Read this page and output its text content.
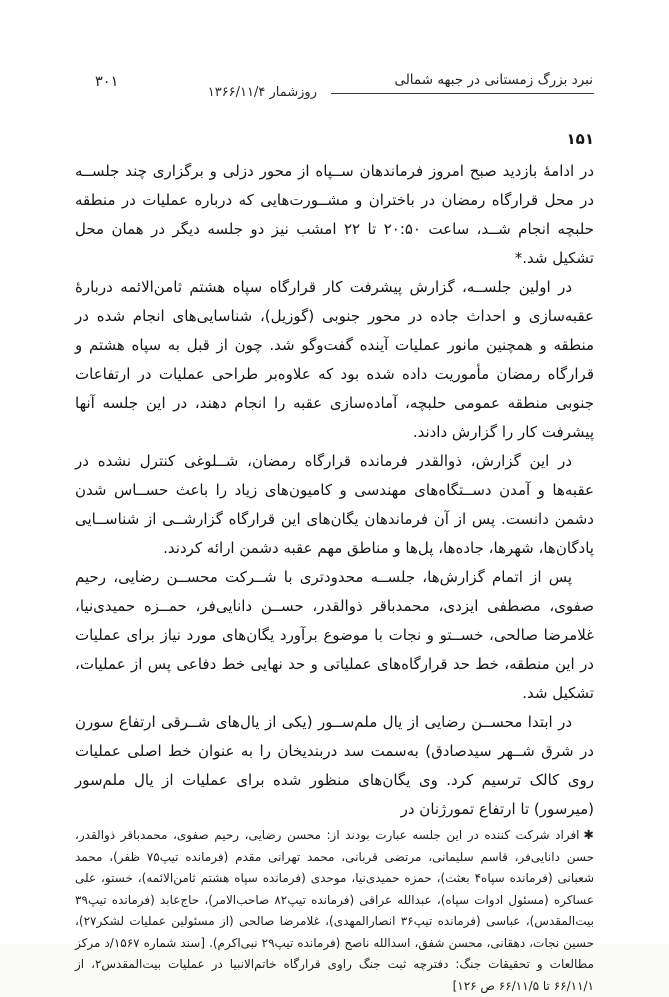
۳۰۱	نبرد بزرگ زمستانی در جبهه شمالی
روزشمار ۱۳۶۶/۱۱/۴
۱۵۱

در ادامهٔ بازدید صبح امروز فرماندهان ســپاه از محور دزلی و برگزاری چند جلســه در محل قرارگاه رمضان در باختران و مشــورت‌هایی که درباره عملیات در منطقه حلبچه انجام شــد، ساعت ۲۰:۵۰ تا ۲۲ امشب نیز دو جلسه دیگر در همان محل تشکیل شد.*

در اولین جلســه، گزارش پیشرفت کار قرارگاه سپاه هشتم ثامن‌الائمه دربارهٔ عقبه‌سازی و احداث جاده در محور جنوبی (گوزیل)، شناسایی‌های انجام شده در منطقه و همچنین مانور عملیات آینده گفت‌وگو شد. چون از قبل به سپاه هشتم و قرارگاه رمضان مأموریت داده شده بود که علاوه‌بر طراحی عملیات در ارتفاعات جنوبی منطقه عمومی حلبچه، آماده‌سازی عقبه را انجام دهند، در این جلسه آنها پیشرفت کار را گزارش دادند.

در این گزارش، ذوالقدر فرمانده قرارگاه رمضان، شــلوغی کنترل نشده در عقبه‌ها و آمدن دســتگاه‌های مهندسی و کامیون‌های زیاد را باعث حســاس شدن دشمن دانست. پس از آن فرماندهان یگان‌های این قرارگاه گزارشــی از شناســایی پادگان‌ها، شهرها، جاده‌ها، پل‌ها و مناطق مهم عقبه دشمن ارائه کردند.

پس از اتمام گزارش‌ها، جلســه محدودتری با شــرکت محســن رضایی، رحیم صفوی، مصطفی ایزدی، محمدباقر ذوالقدر، حســن دانایی‌فر، حمــزه حمیدی‌نیا، غلامرضا صالحی، خســتو و نجات با موضوع برآورد یگان‌های مورد نیاز برای عملیات در این منطقه، خط حد قرارگاه‌های عملیاتی و حد نهایی خط دفاعی پس از عملیات، تشکیل شد.

در ابتدا محســن رضایی از یال ملم‌ســور (یکی از یال‌های شــرقی ارتفاع سورن در شرق شــهر سیدصادق) به‌سمت سد دربندیخان را به عنوان خط اصلی عملیات روی کالک ترسیم کرد. وی یگان‌های منظور شده برای عملیات از یال ملم‌سور (میرسور) تا ارتفاع تمورژنان در

✱افراد شرکت کننده در این جلسه عبارت بودند از: محسن رضایی، رحیم صفوی، محمدباقر ذوالقدر، حسن دانایی‌فر، قاسم سلیمانی، مرتضی قربانی، محمد تهرانی مقدم (فرمانده تیپ۷۵ ظفر)، محمد شعبانی (فرمانده سپاه۴ بعثت)، حمزه حمیدی‌نیا، موحدی (فرمانده سپاه هشتم ثامن‌الائمه)، خستو، علی عساکره (مسئول ادوات سپاه)، عبدالله عراقی (فرمانده تیپ۸۲ صاحب‌الامر)، حاج‌عابد (فرمانده تیپ۳۹ بیت‌المقدس)، عباسی (فرمانده تیپ۳۶ انصارالمهدی)، غلامرضا صالحی (از مسئولین عملیات لشکر۲۷)، حسین نجات، دهقانی، محسن شفق، اسدالله ناصح (فرمانده تیپ۲۹ نبی‌اکرم). [سند شماره ۱۵۶۷/د مرکز مطالعات و تحقیقات جنگ: دفترچه ثبت جنگ راوی قرارگاه خاتم‌الانبیا در عملیات بیت‌المقدس۲، از ۶۶/۱۱/۱ تا ۶۶/۱۱/۵ ص ۱۲۶]
